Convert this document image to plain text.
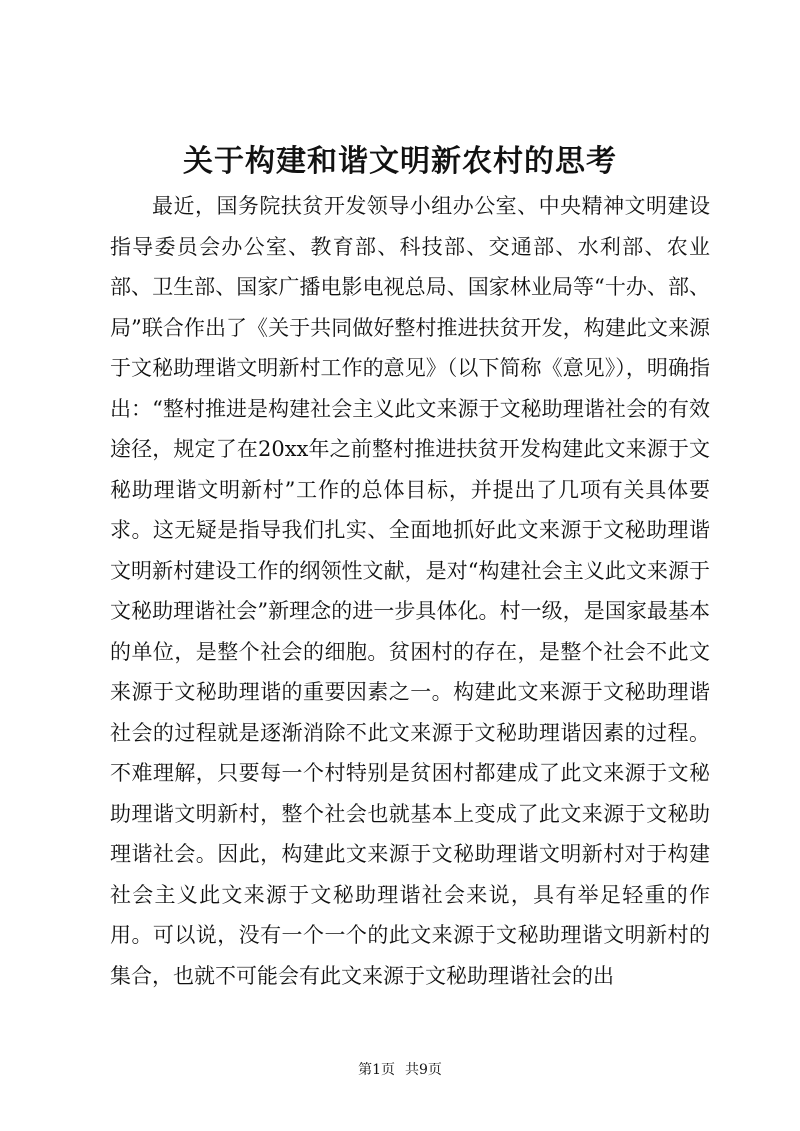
关于构建和谐文明新农村的思考

最近，国务院扶贫开发领导小组办公室、中央精神文明建设指导委员会办公室、教育部、科技部、交通部、水利部、农业部、卫生部、国家广播电影电视总局、国家林业局等“十办、部、局”联合作出了《关于共同做好整村推进扶贫开发，构建此文来源于文秘助理谐文明新村工作的意见》（以下简称《意见》），明确指出：“整村推进是构建社会主义此文来源于文秘助理谐社会的有效途径，规定了在20xx年之前整村推进扶贫开发构建此文来源于文秘助理谐文明新村”工作的总体目标，并提出了几项有关具体要求。这无疑是指导我们扎实、全面地抓好此文来源于文秘助理谐文明新村建设工作的纲领性文献，是对“构建社会主义此文来源于文秘助理谐社会”新理念的进一步具体化。村一级，是国家最基本的单位，是整个社会的细胞。贫困村的存在，是整个社会不此文来源于文秘助理谐的重要因素之一。构建此文来源于文秘助理谐社会的过程就是逐渐消除不此文来源于文秘助理谐因素的过程。不难理解，只要每一个村特别是贫困村都建成了此文来源于文秘助理谐文明新村，整个社会也就基本上变成了此文来源于文秘助理谐社会。因此，构建此文来源于文秘助理谐文明新村对于构建社会主义此文来源于文秘助理谐社会来说，具有举足轻重的作用。可以说，没有一个一个的此文来源于文秘助理谐文明新村的集合，也就不可能会有此文来源于文秘助理谐社会的出

第1页 共9页
